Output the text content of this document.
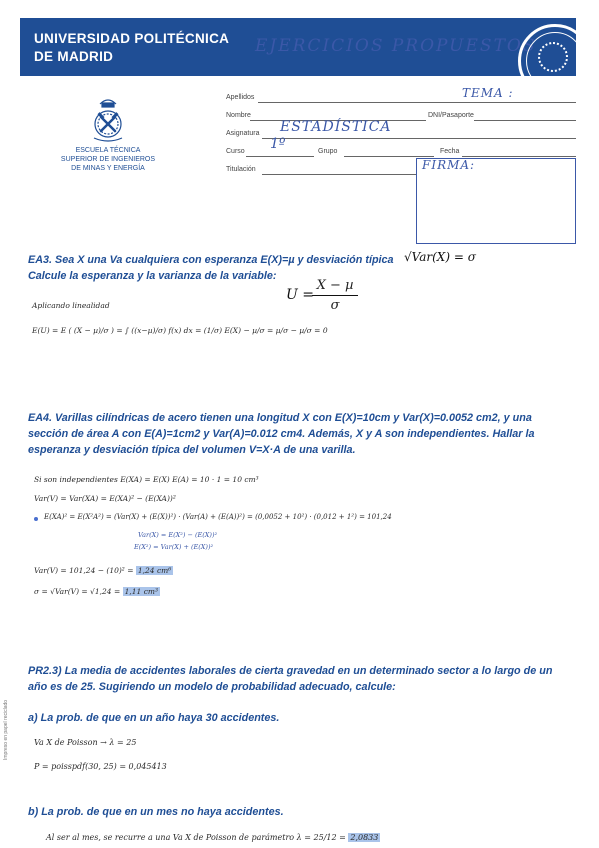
UNIVERSIDAD POLITÉCNICA
DE MADRID
EJERCICIOS PROPUESTOS
ESCUELA TÉCNICA
SUPERIOR DE INGENIEROS
DE MINAS Y ENERGÍA
Apellidos	TEMA :
Nombre	DNI/Pasaporte
Asignatura ESTADÍSTICA
Curso 1º	Grupo	Fecha
Titulación	FIRMA:
EA3. Sea X una Va cualquiera con esperanza E(X)=µ y desviación típica
Calcule la esperanza y la varianza de la variable:
√Var(X) = σ
U =
X − µ
σ
Aplicando linealidad
E(U) = E ( (X − µ)/σ ) = ∫ ((x−µ)/σ) f(x) dx = (1/σ) E(X) − µ/σ = µ/σ − µ/σ = 0
EA4. Varillas cilíndricas de acero tienen una longitud X con E(X)=10cm y Var(X)=0.0052 cm2, y una
sección de área A con E(A)=1cm2 y Var(A)=0.012 cm4. Además, X y A son independientes. Hallar la
esperanza y desviación típica del volumen V=X·A de una varilla.
Si son independientes E(XA) = E(X) E(A) = 10 · 1 = 10 cm³
Var(V) = Var(XA) = E(XA)² − (E(XA))²
E(XA)² = E(X²A²) = (Var(X) + (E(X))²) · (Var(A) + (E(A))²) = (0,0052 + 10²) · (0,012 + 1²) = 101,24
Var(X) = E(X²) − (E(X))²
E(X²) = Var(X) + (E(X))²
Var(V) = 101,24 − (10)² = 1,24 cm⁶
σ = √Var(V) = √1,24 = 1,11 cm³
PR2.3) La media de accidentes laborales de cierta gravedad en un determinado sector a lo largo de un
año es de 25. Sugiriendo un modelo de probabilidad adecuado, calcule:
a) La prob. de que en un año haya 30 accidentes.
Va X de Poisson → λ = 25
P = poisspdf(30, 25) = 0,045413
b) La prob. de que en un mes no haya accidentes.
Al ser al mes, se recurre a una Va X de Poisson de parámetro λ = 25/12 = 2,0833
Impreso en papel reciclado
